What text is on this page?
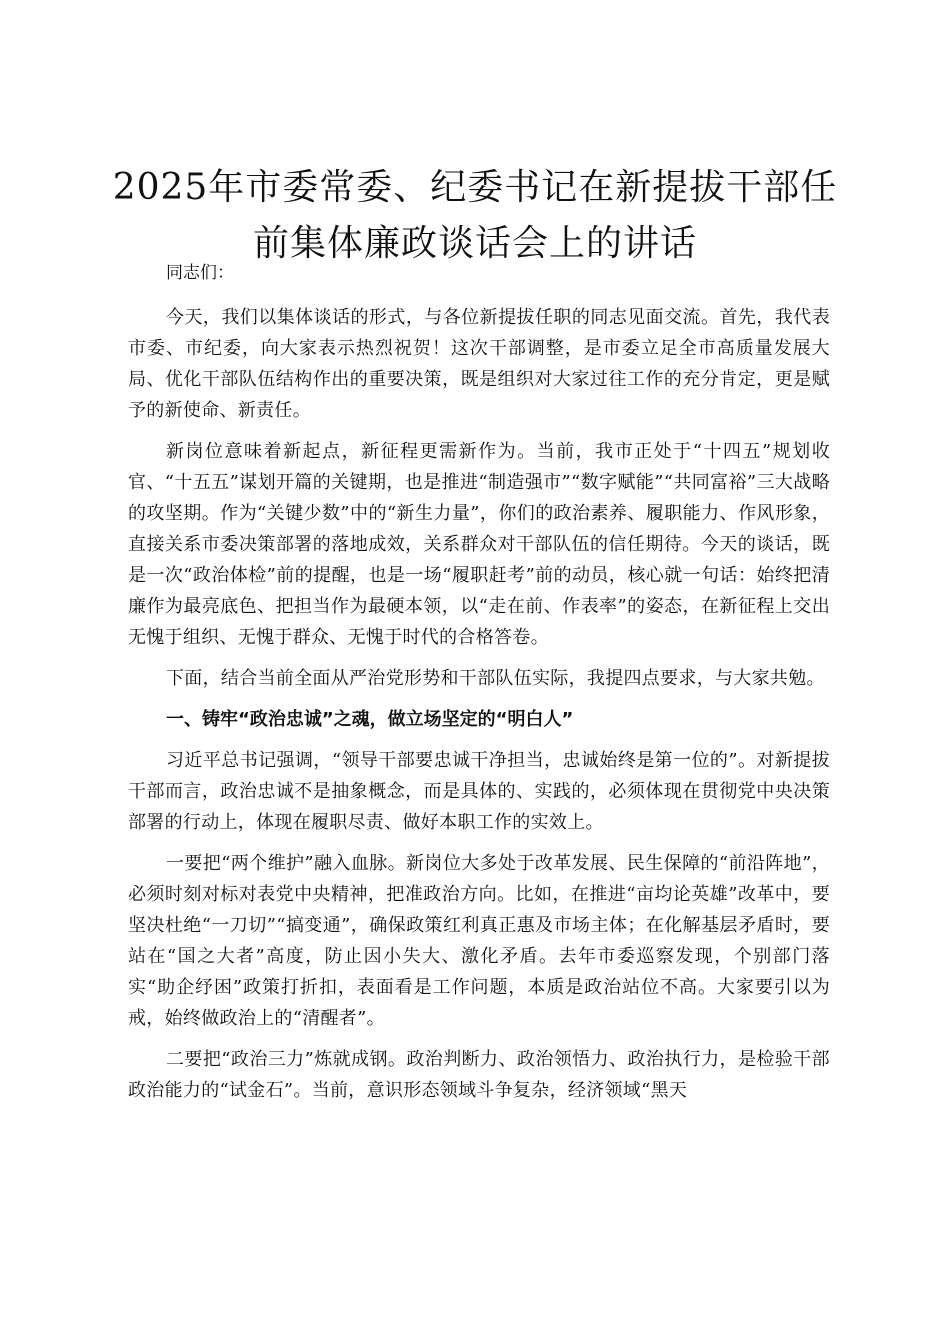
2025年市委常委、纪委书记在新提拔干部任
前集体廉政谈话会上的讲话

同志们：

今天，我们以集体谈话的形式，与各位新提拔任职的同志见面交流。首先，我代表市委、市纪委，向大家表示热烈祝贺！这次干部调整，是市委立足全市高质量发展大局、优化干部队伍结构作出的重要决策，既是组织对大家过往工作的充分肯定，更是赋予的新使命、新责任。

新岗位意味着新起点，新征程更需新作为。当前，我市正处于“十四五”规划收官、“十五五”谋划开篇的关键期，也是推进“制造强市”“数字赋能”“共同富裕”三大战略的攻坚期。作为“关键少数”中的“新生力量”，你们的政治素养、履职能力、作风形象，直接关系市委决策部署的落地成效，关系群众对干部队伍的信任期待。今天的谈话，既是一次“政治体检”前的提醒，也是一场“履职赶考”前的动员，核心就一句话：始终把清廉作为最亮底色、把担当作为最硬本领，以“走在前、作表率”的姿态，在新征程上交出无愧于组织、无愧于群众、无愧于时代的合格答卷。

下面，结合当前全面从严治党形势和干部队伍实际，我提四点要求，与大家共勉。

一、铸牢“政治忠诚”之魂，做立场坚定的“明白人”

习近平总书记强调，“领导干部要忠诚干净担当，忠诚始终是第一位的”。对新提拔干部而言，政治忠诚不是抽象概念，而是具体的、实践的，必须体现在贯彻党中央决策部署的行动上，体现在履职尽责、做好本职工作的实效上。

一要把“两个维护”融入血脉。新岗位大多处于改革发展、民生保障的“前沿阵地”，必须时刻对标对表党中央精神，把准政治方向。比如，在推进“亩均论英雄”改革中，要坚决杜绝“一刀切”“搞变通”，确保政策红利真正惠及市场主体；在化解基层矛盾时，要站在“国之大者”高度，防止因小失大、激化矛盾。去年市委巡察发现，个别部门落实“助企纾困”政策打折扣，表面看是工作问题，本质是政治站位不高。大家要引以为戒，始终做政治上的“清醒者”。

二要把“政治三力”炼就成钢。政治判断力、政治领悟力、政治执行力，是检验干部政治能力的“试金石”。当前，意识形态领域斗争复杂，经济领域“黑天
